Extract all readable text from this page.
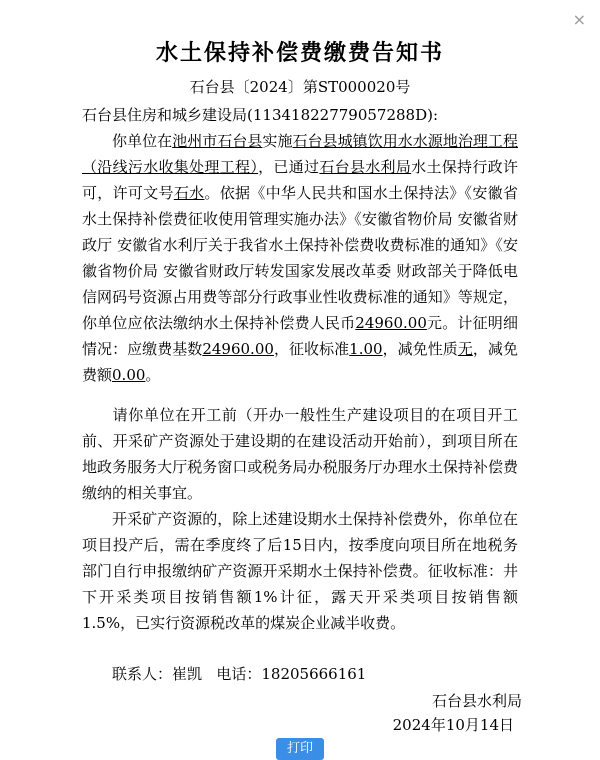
×
水土保持补偿费缴费告知书
石台县〔2024〕第ST000020号
石台县住房和城乡建设局(11341822779057288D):

  你单位在池州市石台县实施石台县城镇饮用水水源地治理工程（沿线污水收集处理工程），已通过石台县水利局水土保持行政许可，许可文号石水。依据《中华人民共和国水土保持法》《安徽省水土保持补偿费征收使用管理实施办法》《安徽省物价局 安徽省财政厅 安徽省水利厅关于我省水土保持补偿费收费标准的通知》《安徽省物价局 安徽省财政厅转发国家发展改革委 财政部关于降低电信网码号资源占用费等部分行政事业性收费标准的通知》等规定，你单位应依法缴纳水土保持补偿费人民币24960.00元。计征明细情况：应缴费基数24960.00，征收标准1.00，减免性质无，减免费额0.00。

  请你单位在开工前（开办一般性生产建设项目的在项目开工前、开采矿产资源处于建设期的在建设活动开始前），到项目所在地政务服务大厅税务窗口或税务局办税服务厅办理水土保持补偿费缴纳的相关事宜。

  开采矿产资源的，除上述建设期水土保持补偿费外，你单位在项目投产后，需在季度终了后15日内，按季度向项目所在地税务部门自行申报缴纳矿产资源开采期水土保持补偿费。征收标准：井下开采类项目按销售额1%计征，露天开采类项目按销售额1.5%，已实行资源税改革的煤炭企业减半收费。

联系人：崔凯 电话：18205666161
石台县水利局
2024年10月14日
打印
